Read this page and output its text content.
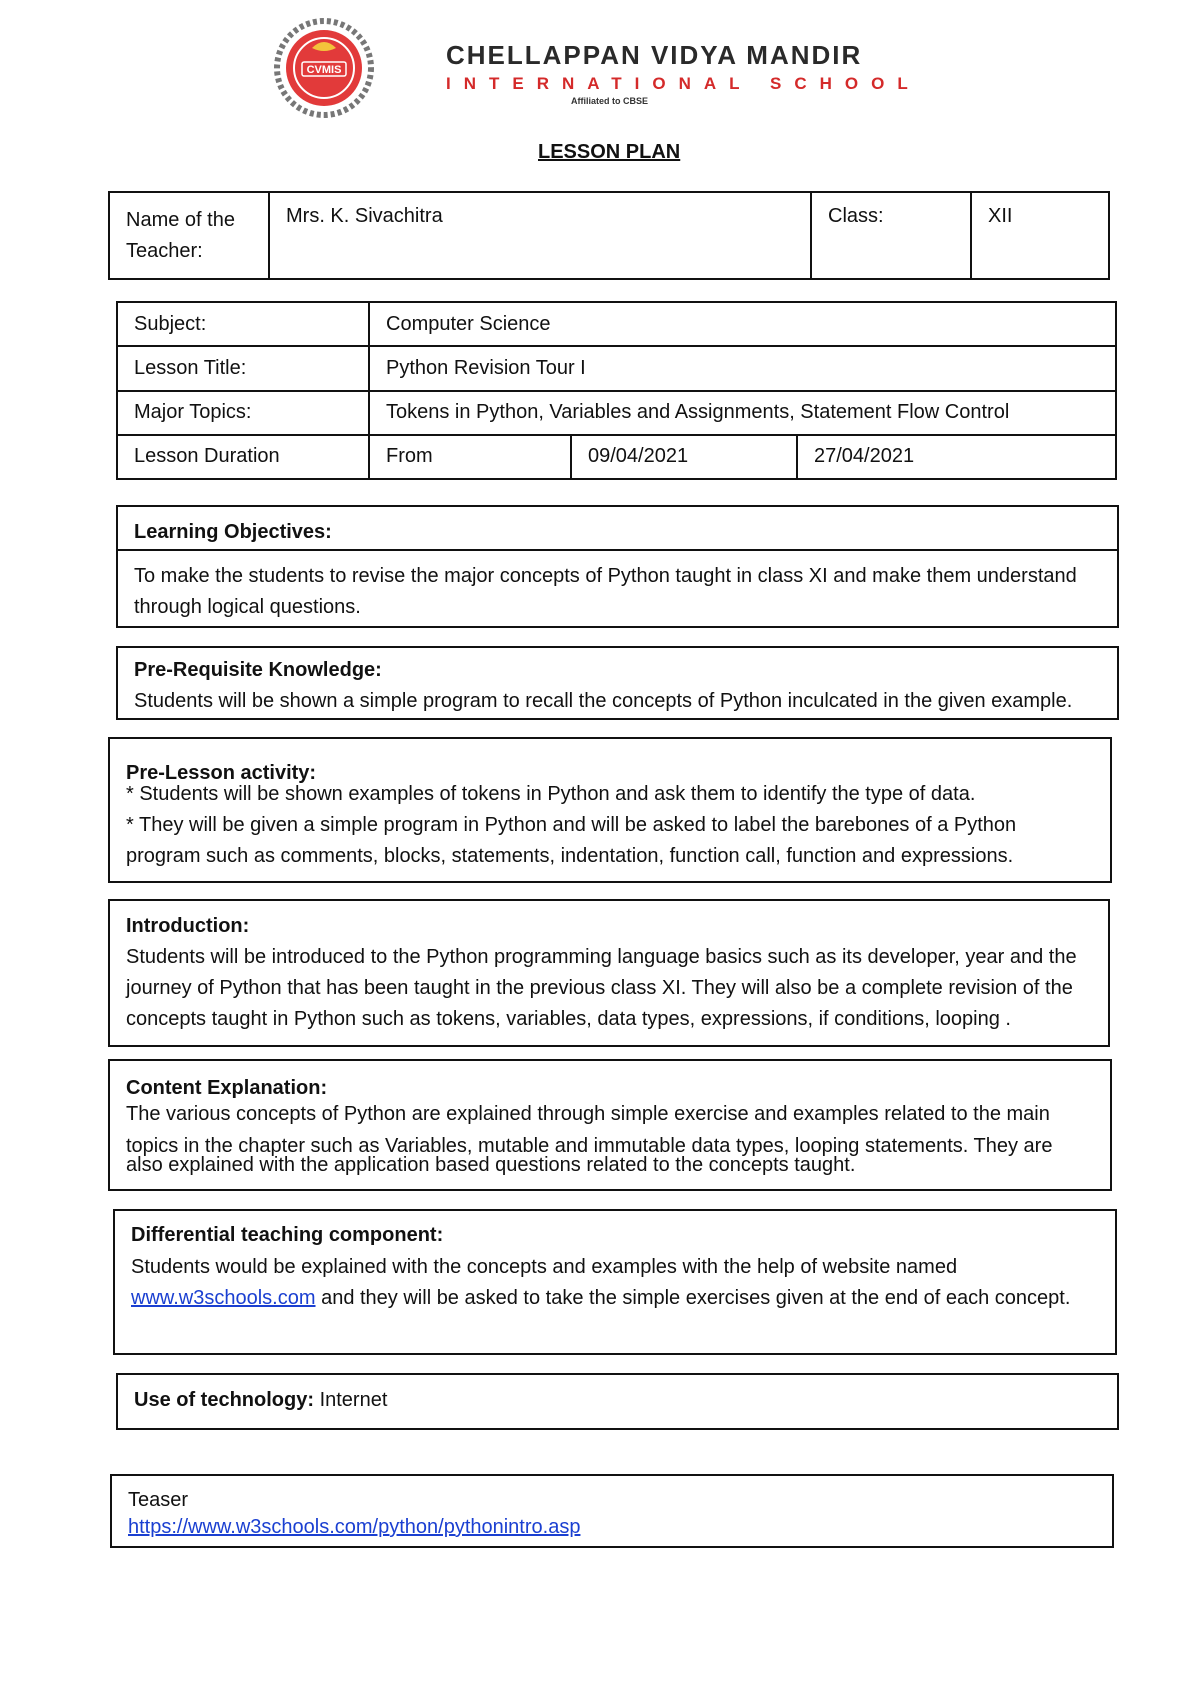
CVMIS	CHELLAPPAN VIDYA MANDIR
INTERNATIONAL SCHOOL
Affiliated to CBSE
LESSON PLAN
Name of the Teacher:	Mrs. K. Sivachitra	Class:	XII
Subject:	Computer Science		
Lesson Title:	Python Revision Tour I		
Major Topics:	Tokens in Python, Variables and Assignments, Statement Flow Control		
Lesson Duration	From	09/04/2021	27/04/2021
Learning Objectives:
To make the students to revise the major concepts of Python taught in class XI and make them understand through logical questions.
Pre-Requisite Knowledge:
Students will be shown a simple program to recall the concepts of Python inculcated in the given example.
Pre-Lesson activity:
* Students will be shown examples of tokens in Python and ask them to identify the type of data.
* They will be given a simple program in Python and will be asked to label the barebones of a Python program such as comments, blocks, statements, indentation, function call, function and expressions.
Introduction:
Students will be introduced to the Python programming language basics such as its developer, year and the journey of Python that has been taught in the previous class XI. They will also be a complete revision of the concepts taught in Python such as tokens, variables, data types, expressions, if conditions, looping .
Content Explanation:
The various concepts of Python are explained through simple exercise and examples related to the main
topics in the chapter such as Variables, mutable and immutable data types, looping statements. They are
also explained with the application based questions related to the concepts taught.
Differential teaching component:
Students would be explained with the concepts and examples with the help of website named
www.w3schools.com and they will be asked to take the simple exercises given at the end of each concept.
Use of technology: Internet
Teaser
https://www.w3schools.com/python/pythonintro.asp
